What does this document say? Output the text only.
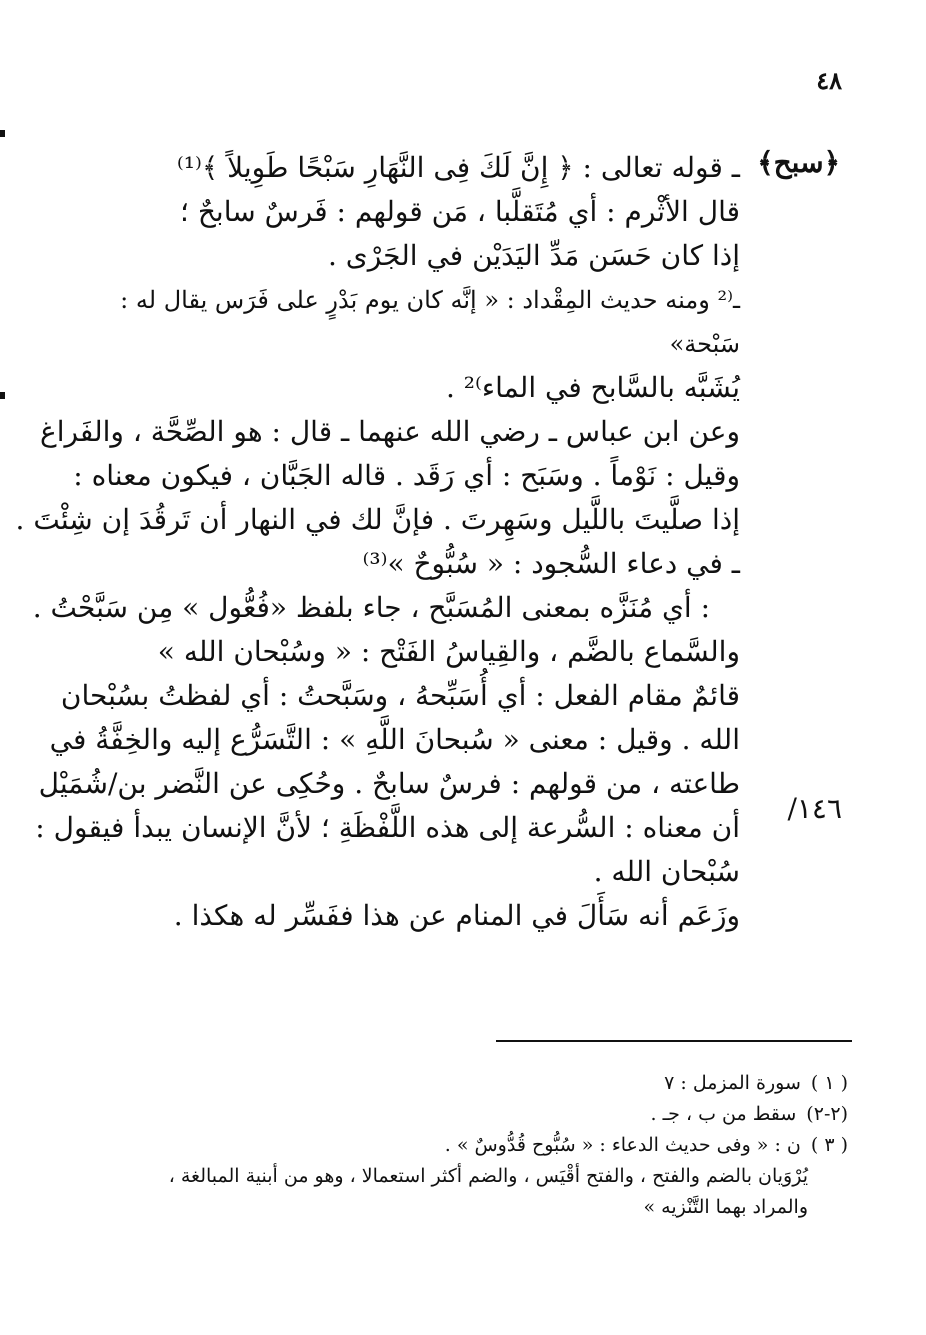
٤٨
﴿سبح﴾
١٤٦/
ـ قوله تعالى : ﴿ إِنَّ لَكَ فِى النَّهَارِ سَبْحًا طَوِيلاً ﴾⁽¹⁾
قال الأثْرم : أي مُتَقلَّبا ، مَن قولهم : فَرسٌ سابحٌ ؛
إذا كان حَسَن مَدِّ اليَدَيْن في الجَرْى .
ـ⁽² ومنه حديث المِقْداد : « إنَّه كان يوم بَدْرٍ على فَرَس يقال له :
سَبْحة»
يُشَبَّه بالسَّابح في الماء⁾² .
وعن ابن عباس ـ رضي الله عنهما ـ قال : هو الصِّحَّة ، والفَراغ
وقيل : نَوْماً . وسَبَح : أي رَقَد . قاله الجَبَّان ، فيكون معناه :
إذا صلَّيتَ باللَّيل وسَهِرتَ . فإنَّ لك في النهار أن تَرقُدَ إن شِئْتَ .
ـ في دعاء السُّجود : « سُبُّوحٌ »⁽³⁾
: أي مُنَزَّه بمعنى المُسَبَّح ، جاء بلفظ «فُعُّول » مِن سَبَّحْتُ .
والسَّماع بالضَّم ، والقِياسُ الفَتْح : « وسُبْحان الله »
قائمٌ مقام الفعل : أي أُسَبِّحهُ ، وسَبَّحتُ : أي لفظتُ بسُبْحان
الله . وقيل : معنى « سُبحانَ اللَّهِ » : التَّسَرُّع إليه والخِفَّةُ في
طاعته ، من قولهم : فرسٌ سابحٌ . وحُكِى عن النَّضر بن/شُمَيْل
أن معناه : السُّرعة إلى هذه اللَّفْظَةِ ؛ لأنَّ الإنسان يبدأ فيقول :
سُبْحان الله .
وزَعَم أنه سَأَلَ في المنام عن هذا ففَسِّر له هكذا .
( ١ )سورة المزمل : ٧
(٢-٢)سقط من ب ، جـ .
( ٣ )ن : « وفى حديث الدعاء : « سُبُّوح قُدُّوسٌ » .
يُرْوَيان بالضم والفتح ، والفتح أقْيَس ، والضم أكثر استعمالا ، وهو من أبنية المبالغة ،
والمراد بهما التَّنْزيه »
